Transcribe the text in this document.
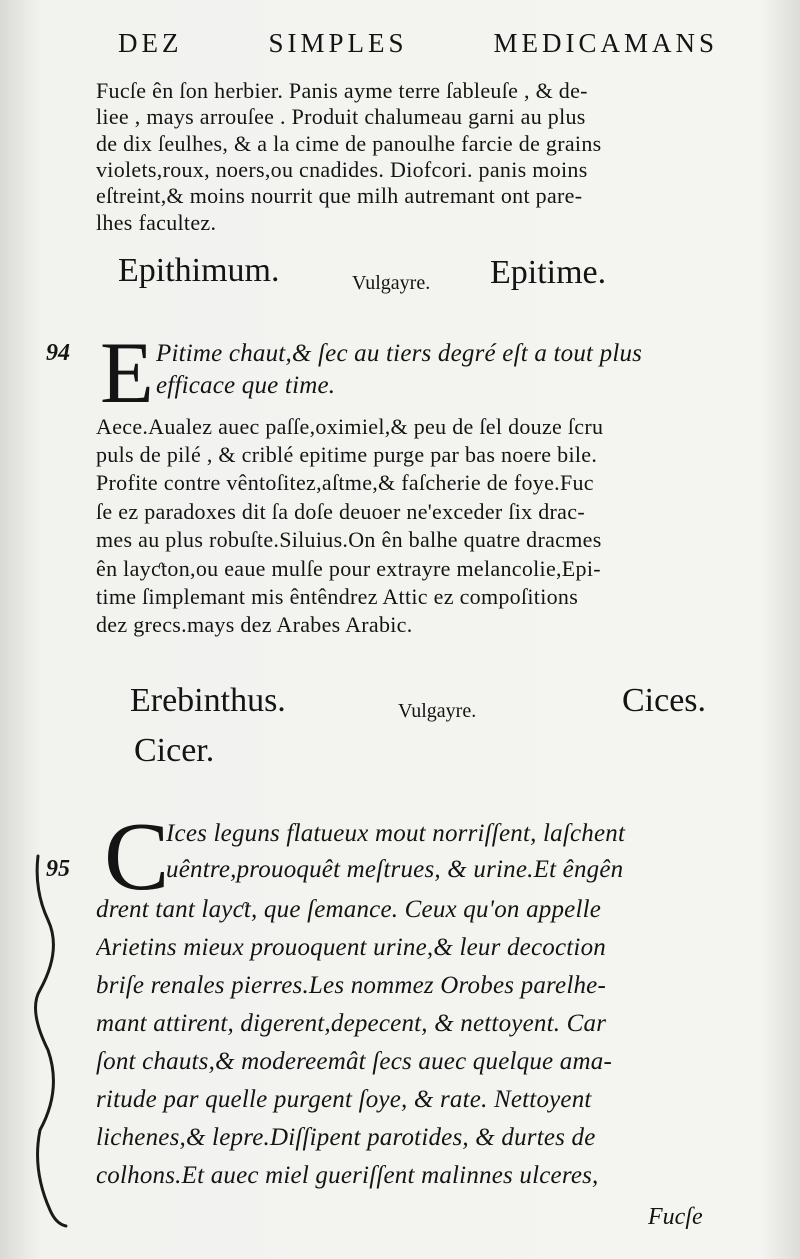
DEZ SIMPLES MEDICAMANS
Fucſe ên ſon herbier. Panis ayme terre ſableuſe , & de-
liee , mays arrouſee . Produit chalumeau garni au plus
de dix ſeulhes, & a la cime de panoulhe farcie de grains
violets,roux, noers,ou cnadides. Diofcori. panis moins
eſtreint,& moins nourrit que milh autremant ont pare-
lhes facultez.
Epithimum.	Vulgayre.	Epitime.
94 E Pitime chaut,& ſec au tiers degré eſt a tout plus
efficace que time.
Aece.Aualez auec paſſe,oximiel,& peu de ſel douze ſcru
puls de pilé , & criblé epitime purge par bas noere bile.
Profite contre vêntoſitez,aſtme,& faſcherie de foye.Fuc
ſe ez paradoxes dit ſa doſe deuoer ne'exceder ſix drac-
mes au plus robuſte.Siluius.On ên balhe quatre dracmes
ên layƈton,ou eaue mulſe pour extrayre melancolie,Epi-
time ſimplemant mis êntêndrez Attic ez compoſitions
dez grecs.mays dez Arabes Arabic.
Erebinthus.	Vulgayre.	Cices.
Cicer.
95 C
Ices leguns flatueux mout norriſſent, laſchent
uêntre,prouoquêt meſtrues, & urine.Et êngên
drent tant layƈt, que ſemance. Ceux qu'on appelle
Arietins mieux prouoquent urine,& leur decoction
briſe renales pierres.Les nommez Orobes parelhe-
mant attirent, digerent,depecent, & nettoyent. Car
ſont chauts,& modereemât ſecs auec quelque ama-
ritude par quelle purgent ſoye, & rate. Nettoyent
lichenes,& lepre.Diſſipent parotides, & durtes de
colhons.Et auec miel gueriſſent malinnes ulceres,
Fucſe
